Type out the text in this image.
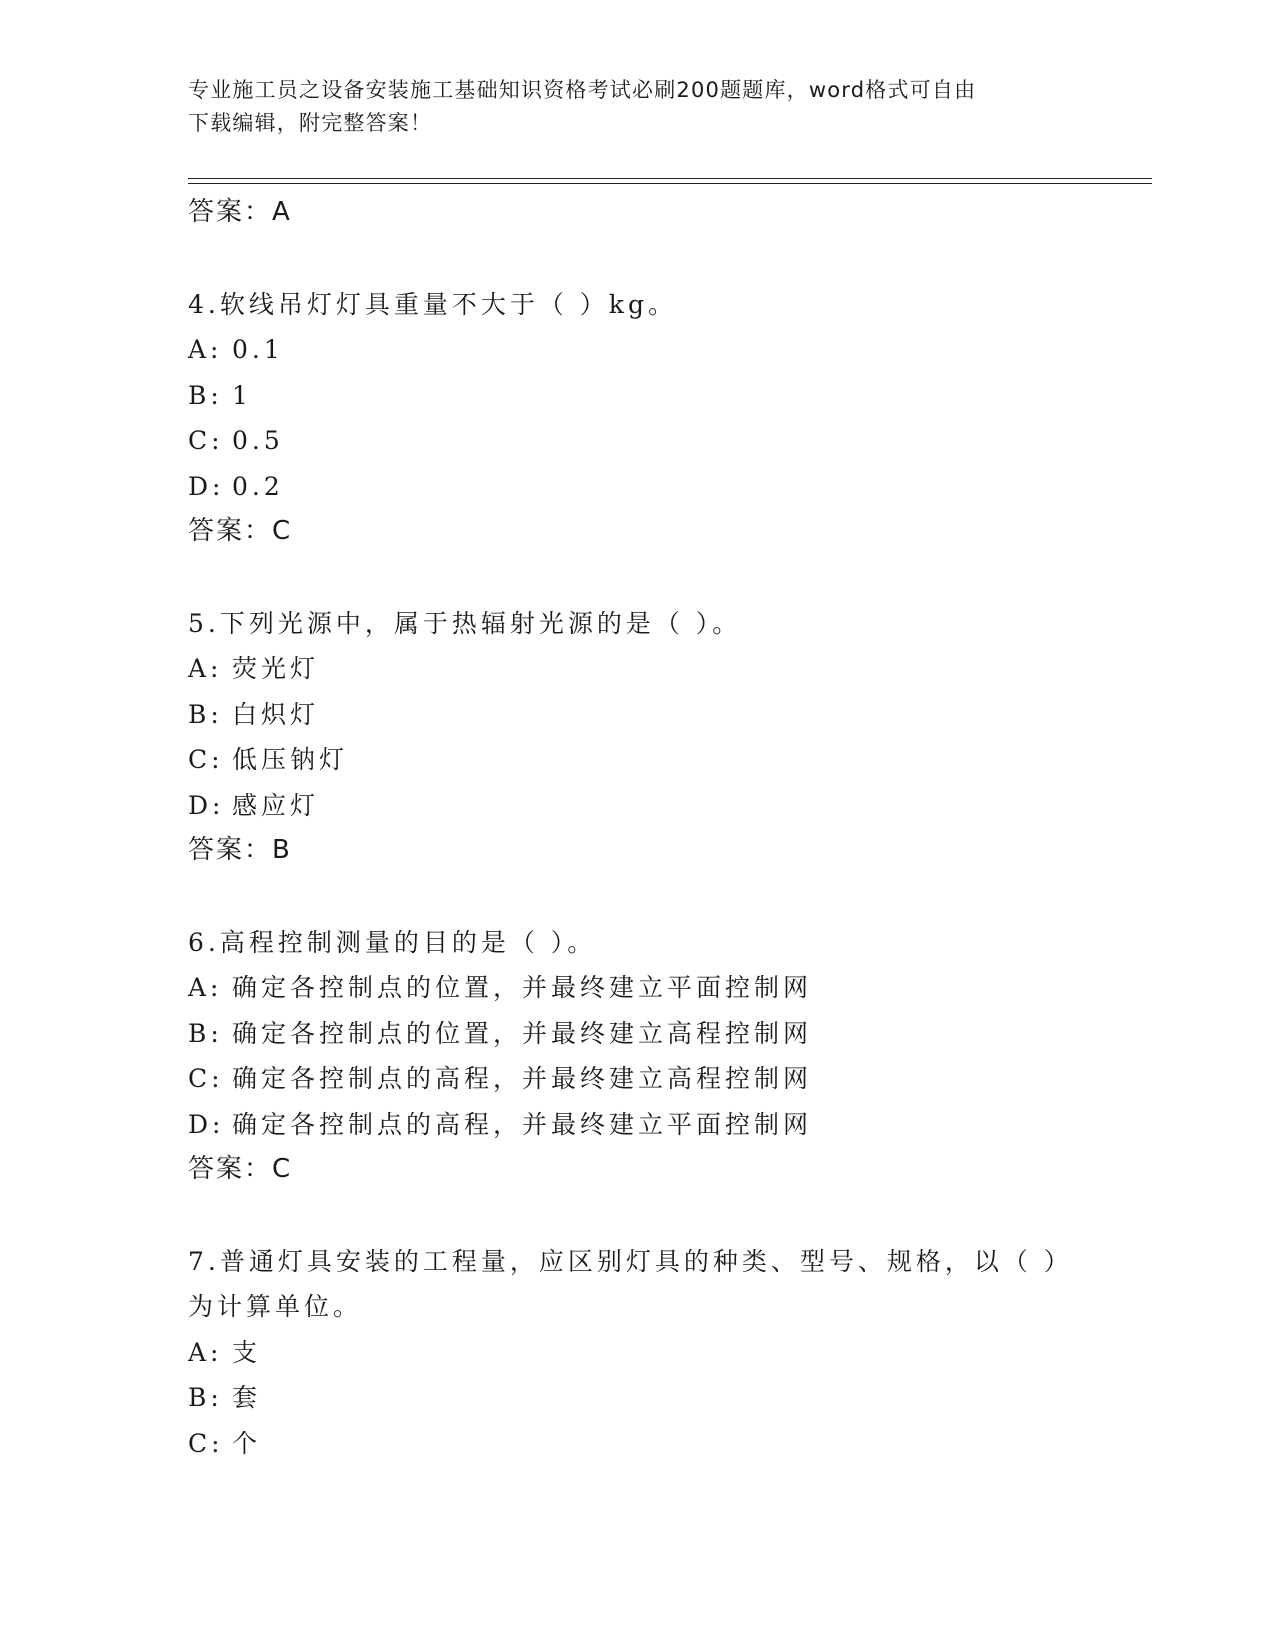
专业施工员之设备安装施工基础知识资格考试必刷200题题库，word格式可自由
下载编辑，附完整答案！
答案：A
4.软线吊灯灯具重量不大于（ ）kg。
A: 0.1
B: 1
C: 0.5
D: 0.2
答案：C
5.下列光源中，属于热辐射光源的是（ ）。
A: 荧光灯
B: 白炽灯
C: 低压钠灯
D: 感应灯
答案：B
6.高程控制测量的目的是（ ）。
A: 确定各控制点的位置，并最终建立平面控制网
B: 确定各控制点的位置，并最终建立高程控制网
C: 确定各控制点的高程，并最终建立高程控制网
D: 确定各控制点的高程，并最终建立平面控制网
答案：C
7.普通灯具安装的工程量，应区别灯具的种类、型号、规格，以（ ）
为计算单位。
A: 支
B: 套
C: 个
